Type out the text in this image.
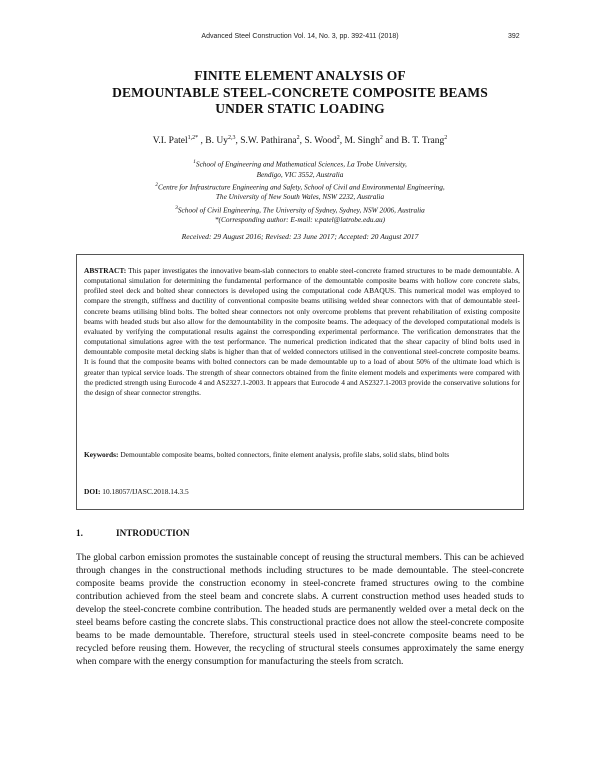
Advanced Steel Construction Vol. 14, No. 3, pp. 392-411 (2018)	392
FINITE ELEMENT ANALYSIS OF
DEMOUNTABLE STEEL-CONCRETE COMPOSITE BEAMS
UNDER STATIC LOADING
V.I. Patel$^{1,2*}$ , B. Uy$^{2,3}$, S.W. Pathirana$^2$, S. Wood$^2$, M. Singh$^2$ and B. T. Trang$^2$
$^1$School of Engineering and Mathematical Sciences, La Trobe University,
Bendigo, VIC 3552, Australia
$^2$Centre for Infrastructure Engineering and Safety, School of Civil and Environmental Engineering,
The University of New South Wales, NSW 2232, Australia
$^3$School of Civil Engineering, The University of Sydney, Sydney, NSW 2006, Australia
*(Corresponding author: E-mail: v.patel@latrobe.edu.au)
Received: 29 August 2016; Revised: 23 June 2017; Accepted: 20 August 2017
ABSTRACT: This paper investigates the innovative beam-slab connectors to enable steel-concrete framed structures to be made demountable. A computational simulation for determining the fundamental performance of the demountable composite beams with hollow core concrete slabs, profiled steel deck and bolted shear connectors is developed using the computational code ABAQUS. This numerical model was employed to compare the strength, stiffness and ductility of conventional composite beams utilising welded shear connectors with that of demountable steel-concrete beams utilising blind bolts. The bolted shear connectors not only overcome problems that prevent rehabilitation of existing composite beams with headed studs but also allow for the demountability in the composite beams. The adequacy of the developed computational models is evaluated by verifying the computational results against the corresponding experimental performance. The verification demonstrates that the computational simulations agree with the test performance. The numerical prediction indicated that the shear capacity of blind bolts used in demountable composite metal decking slabs is higher than that of welded connectors utilised in the conventional steel-concrete composite beams. It is found that the composite beams with bolted connectors can be made demountable up to a load of about 50% of the ultimate load which is greater than typical service loads. The strength of shear connectors obtained from the finite element models and experiments were compared with the predicted strength using Eurocode 4 and AS2327.1-2003. It appears that Eurocode 4 and AS2327.1-2003 provide the conservative solutions for the design of shear connector strengths.
Keywords: Demountable composite beams, bolted connectors, finite element analysis, profile slabs, solid slabs, blind bolts
DOI: 10.18057/IJASC.2018.14.3.5
1.	INTRODUCTION
The global carbon emission promotes the sustainable concept of reusing the structural members. This can be achieved through changes in the constructional methods including structures to be made demountable. The steel-concrete composite beams provide the construction economy in steel-concrete framed structures owing to the combine contribution achieved from the steel beam and concrete slabs. A current construction method uses headed studs to develop the steel-concrete combine contribution. The headed studs are permanently welded over a metal deck on the steel beams before casting the concrete slabs. This constructional practice does not allow the steel-concrete composite beams to be made demountable. Therefore, structural steels used in steel-concrete composite beams need to be recycled before reusing them. However, the recycling of structural steels consumes approximately the same energy when compare with the energy consumption for manufacturing the steels from scratch.
